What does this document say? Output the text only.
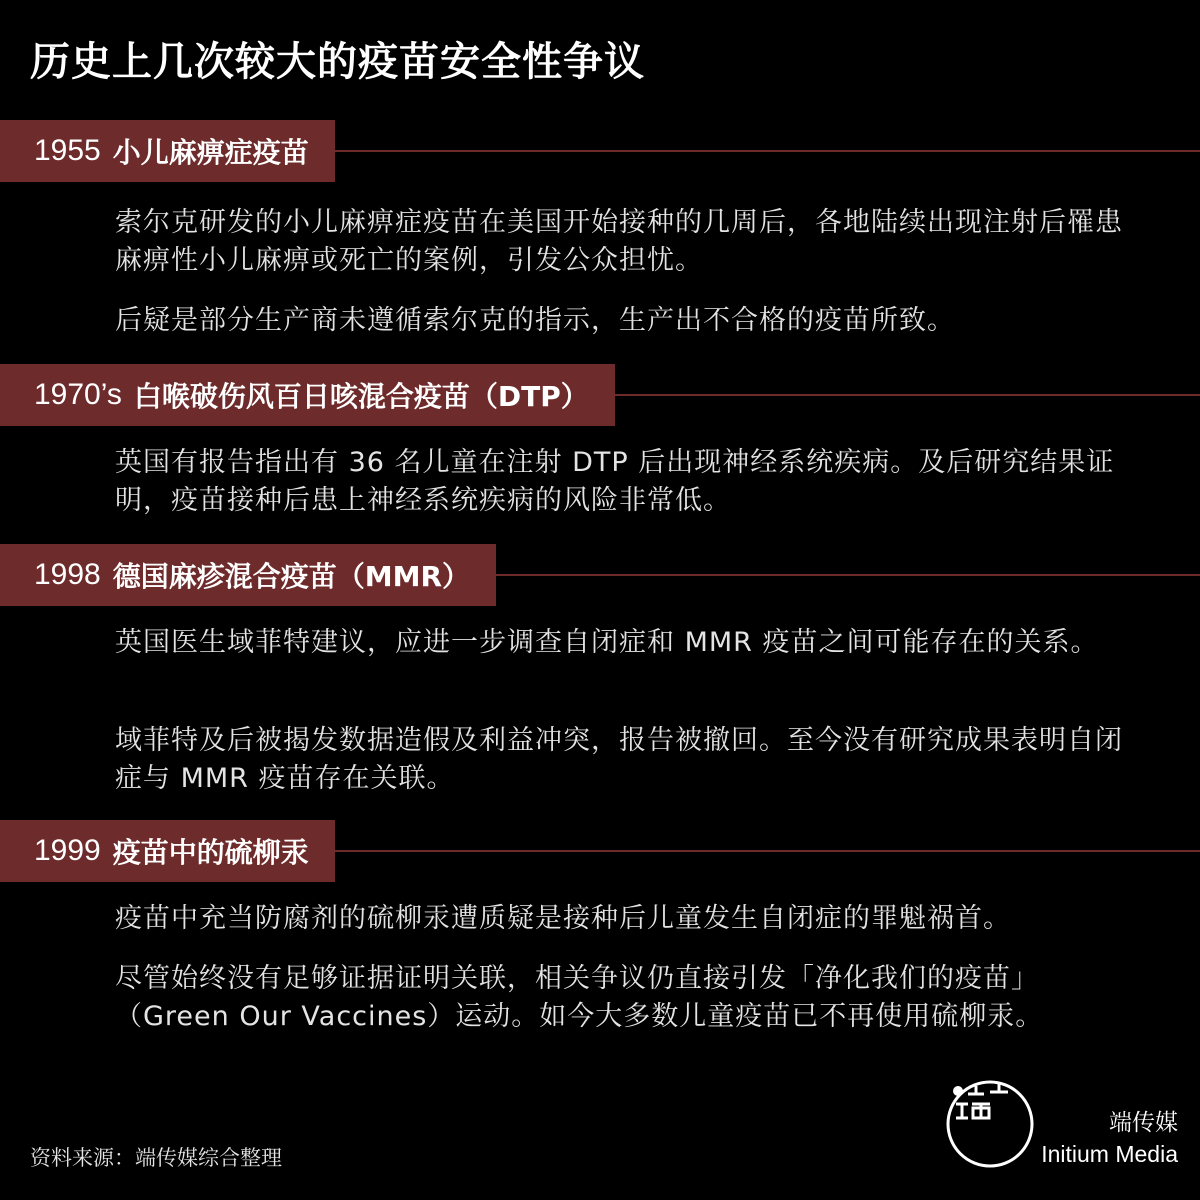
历史上几次较大的疫苗安全性争议
1955 小儿麻痹症疫苗

索尔克研发的小儿麻痹症疫苗在美国开始接种的几周后，各地陆续出现注射后罹患麻痹性小儿麻痹或死亡的案例，引发公众担忧。

后疑是部分生产商未遵循索尔克的指示，生产出不合格的疫苗所致。

1970’s 白喉破伤风百日咳混合疫苗（DTP）

英国有报告指出有 36 名儿童在注射 DTP 后出现神经系统疾病。及后研究结果证明，疫苗接种后患上神经系统疾病的风险非常低。

1998 德国麻疹混合疫苗（MMR）

英国医生域菲特建议，应进一步调查自闭症和 MMR 疫苗之间可能存在的关系。

域菲特及后被揭发数据造假及利益冲突，报告被撤回。至今没有研究成果表明自闭症与 MMR 疫苗存在关联。

1999 疫苗中的硫柳汞

疫苗中充当防腐剂的硫柳汞遭质疑是接种后儿童发生自闭症的罪魁祸首。

尽管始终没有足够证据证明关联，相关争议仍直接引发「净化我们的疫苗」（Green Our Vaccines）运动。如今大多数儿童疫苗已不再使用硫柳汞。

资料来源：端传媒综合整理
端传媒
Initium Media
